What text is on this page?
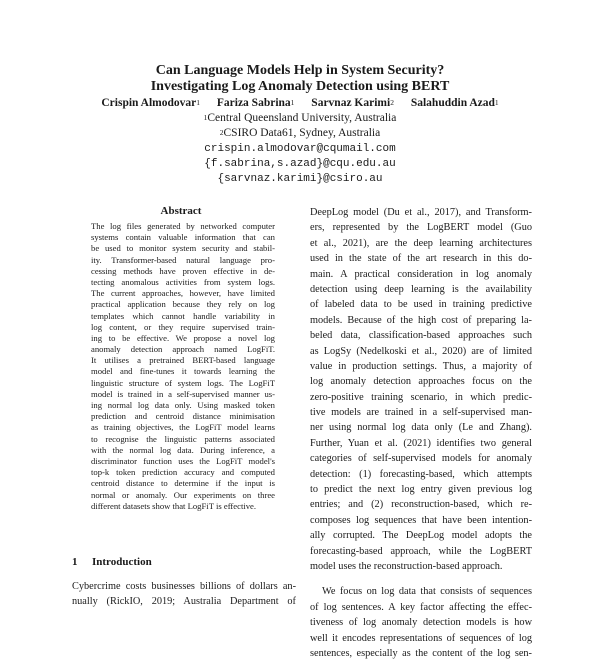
Can Language Models Help in System Security?
Investigating Log Anomaly Detection using BERT
Crispin Almodovar$^1$ Fariza Sabrina$^1$ Sarvnaz Karimi$^2$ Salahuddin Azad$^1$
$^1$Central Queensland University, Australia
$^2$CSIRO Data61, Sydney, Australia
crispin.almodovar@cqumail.com
{f.sabrina,s.azad}@cqu.edu.au
{sarvnaz.karimi}@csiro.au
Abstract
The log files generated by networked computer
systems contain valuable information that can
be used to monitor system security and stabil-
ity. Transformer-based natural language pro-
cessing methods have proven effective in de-
tecting anomalous activities from system logs.
The current approaches, however, have limited
practical application because they rely on log
templates which cannot handle variability in
log content, or they require supervised train-
ing to be effective. We propose a novel log
anomaly detection approach named LogFiT.
It utilises a pretrained BERT-based language
model and fine-tunes it towards learning the
linguistic structure of system logs. The LogFiT
model is trained in a self-supervised manner us-
ing normal log data only. Using masked token
prediction and centroid distance minimisation
as training objectives, the LogFiT model learns
to recognise the linguistic patterns associated
with the normal log data. During inference, a
discriminator function uses the LogFiT model's
top-k token prediction accuracy and computed
centroid distance to determine if the input is
normal or anomaly. Our experiments on three
different datasets show that LogFiT is effective.
1 Introduction
Cybercrime costs businesses billions of dollars an-
nually (RickIO, 2019; Australia Department of
DeepLog model (Du et al., 2017), and Transform-
ers, represented by the LogBERT model (Guo
et al., 2021), are the deep learning architectures
used in the state of the art research in this do-
main. A practical consideration in log anomaly
detection using deep learning is the availability
of labeled data to be used in training predictive
models. Because of the high cost of preparing la-
beled data, classification-based approaches such
as LogSy (Nedelkoski et al., 2020) are of limited
value in production settings. Thus, a majority of
log anomaly detection approaches focus on the
zero-positive training scenario, in which predic-
tive models are trained in a self-supervised man-
ner using normal log data only (Le and Zhang).
Further, Yuan et al. (2021) identifies two general
categories of self-supervised models for anomaly
detection: (1) forecasting-based, which attempts
to predict the next log entry given previous log
entries; and (2) reconstruction-based, which re-
composes log sequences that have been intention-
ally corrupted. The DeepLog model adopts the
forecasting-based approach, while the LogBERT
model uses the reconstruction-based approach.
We focus on log data that consists of sequences
of log sentences. A key factor affecting the effec-
tiveness of log anomaly detection models is how
well it encodes representations of sequences of log
sentences, especially as the content of the log sen-
